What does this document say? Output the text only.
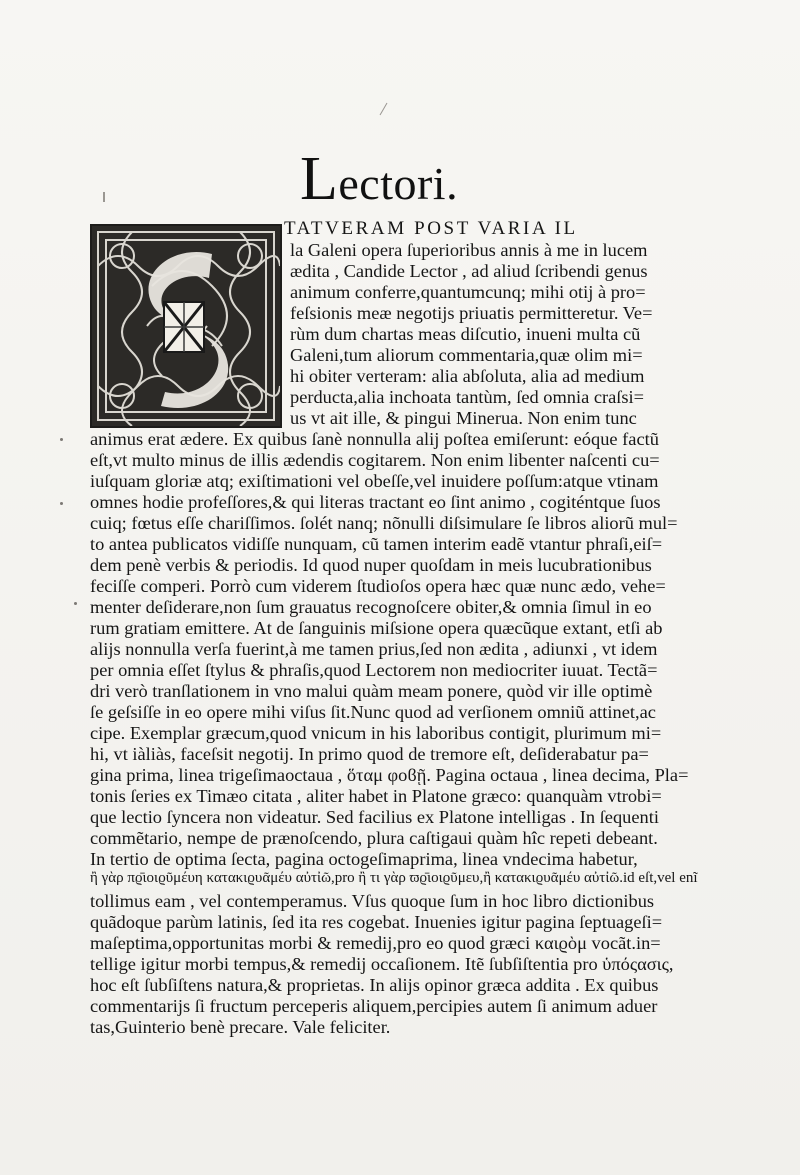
Lectori.
TATVERAM POST VARIA IL
la Galeni opera ſuperioribus annis à me in lucem
ædita , Candide Lector , ad aliud ſcribendi genus
animum conferre,quantumcunq; mihi otij à pro=
feſsionis meæ negotijs priuatis permitteretur. Ve=
rùm dum chartas meas diſcutio, inueni multa cũ
Galeni,tum aliorum commentaria,quæ olim mi=
hi obiter verteram: alia abſoluta, alia ad medium
perducta,alia inchoata tantùm, ſed omnia craſsi=
us vt ait ille, & pingui Mineruа. Non enim tunc
animus erat ædere. Ex quibus ſanè nonnulla alij poſtea emiſerunt: eóque factũ
eſt,vt multo minus de illis ædendis cogitarem. Non enim libenter naſcenti cu=
iuſquam gloriæ atq; exiſtimationi vel obeſſe,vel inuidere poſſum:atque vtinam
omnes hodie profeſſores,& qui literas tractant eo ſint animo , cogiténtque ſuos
cuiq; fœtus eſſe chariſſimos. ſolét nanq; nõnulli diſsimulare ſe libros aliorũ mul=
to antea publicatos vidiſſe nunquam, cũ tamen interim eadẽ vtantur phraſi,eiſ=
dem penè verbis & periodis. Id quod nuper quoſdam in meis lucubrationibus
feciſſe comperi. Porrò cum viderem ſtudioſos opera hæc quæ nunc ædo, vehe=
menter deſiderare,non ſum grauatus recognoſcere obiter,& omnia ſimul in eo
rum gratiam emittere. At de ſanguinis miſsione opera quæcũque extant, etſi ab
alijs nonnulla verſa fuerint,à me tamen prius,ſed non ædita , adiunxi , vt idem
per omnia eſſet ſtylus & phraſis,quod Lectorem non mediocriter iuuat. Tectã=
dri verò tranſlationem in vno malui quàm meam ponere, quòd vir ille optimè
ſe geſsiſſe in eo opere mihi viſus ſit.Nunc quod ad verſionem omniũ attinet,ac
cipe. Exemplar græcum,quod vnicum in his laboribus contigit, plurimum mi=
hi, vt iàliàs, faceſsit negotij. In primo quod de tremore eſt, deſiderabatur pa=
gina prima, linea trigeſimaoctaua , ὅταμ φοϐῇ. Pagina octaua , linea decima, Pla=
tonis ſeries ex Timæo citata , aliter habet in Platone græco: quanquàm vtrobi=
que lectio ſyncera non videatur. Sed facilius ex Platone intelligas . In ſequenti
commẽtario, nempe de prænoſcendo, plura caſtigaui quàm hîc repeti debeant.
In tertio de optima ſecta, pagina octogeſimaprima, linea vndecima habetur,
ἢ γὰρ πϱ̄ιοιϱῦμέυη κατακιϱυᾶμέυ αὐτἰῶ,pro ἢ τι γὰρ ϖϱ̄ιοιϱῦμευ,ἢ κατακιϱυᾶμέυ αὐτἰῶ.id eſt,vel enĩ
tollimus eam , vel contemperamus. Vſus quoque ſum in hoc libro dictionibus
quãdoque parùm latinis, ſed ita res cogebat. Inuenies igitur pagina ſeptuageſi=
maſeptima,opportunitas morbi & remedij,pro eo quod græci καιϱὸμ vocãt.in=
tellige igitur morbi tempus,& remedij occaſionem. Itẽ ſubſiſtentia pro ὑπόςασις,
hoc eſt ſubſiſtens natura,& proprietas. In alijs opinor græca addita . Ex quibus
commentarijs ſi fructum perceperis aliquem,percipies autem ſi animum aduer
tas,Guinterio benè precare. Vale feliciter.
